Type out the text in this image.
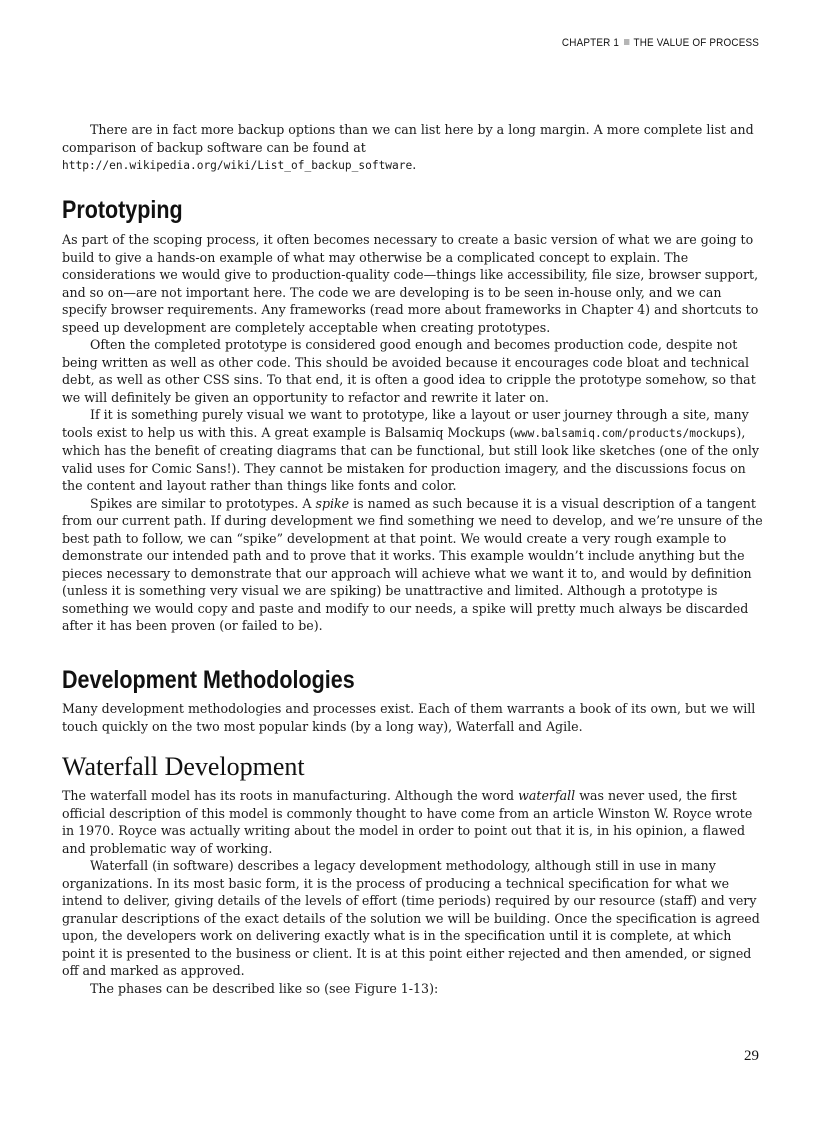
CHAPTER 1 THE VALUE OF PROCESS

There are in fact more backup options than we can list here by a long margin. A more complete list and comparison of backup software can be found at
http://en.wikipedia.org/wiki/List_of_backup_software.

Prototyping

As part of the scoping process, it often becomes necessary to create a basic version of what we are going to build to give a hands-on example of what may otherwise be a complicated concept to explain. The considerations we would give to production-quality code—things like accessibility, file size, browser support, and so on—are not important here. The code we are developing is to be seen in-house only, and we can specify browser requirements. Any frameworks (read more about frameworks in Chapter 4) and shortcuts to speed up development are completely acceptable when creating prototypes.

Often the completed prototype is considered good enough and becomes production code, despite not being written as well as other code. This should be avoided because it encourages code bloat and technical debt, as well as other CSS sins. To that end, it is often a good idea to cripple the prototype somehow, so that we will definitely be given an opportunity to refactor and rewrite it later on.

If it is something purely visual we want to prototype, like a layout or user journey through a site, many tools exist to help us with this. A great example is Balsamiq Mockups (www.balsamiq.com/products/mockups), which has the benefit of creating diagrams that can be functional, but still look like sketches (one of the only valid uses for Comic Sans!). They cannot be mistaken for production imagery, and the discussions focus on the content and layout rather than things like fonts and color.

Spikes are similar to prototypes. A spike is named as such because it is a visual description of a tangent from our current path. If during development we find something we need to develop, and we’re unsure of the best path to follow, we can “spike” development at that point. We would create a very rough example to demonstrate our intended path and to prove that it works. This example wouldn’t include anything but the pieces necessary to demonstrate that our approach will achieve what we want it to, and would by definition (unless it is something very visual we are spiking) be unattractive and limited. Although a prototype is something we would copy and paste and modify to our needs, a spike will pretty much always be discarded after it has been proven (or failed to be).

Development Methodologies

Many development methodologies and processes exist. Each of them warrants a book of its own, but we will touch quickly on the two most popular kinds (by a long way), Waterfall and Agile.

Waterfall Development

The waterfall model has its roots in manufacturing. Although the word waterfall was never used, the first official description of this model is commonly thought to have come from an article Winston W. Royce wrote in 1970. Royce was actually writing about the model in order to point out that it is, in his opinion, a flawed and problematic way of working.

Waterfall (in software) describes a legacy development methodology, although still in use in many organizations. In its most basic form, it is the process of producing a technical specification for what we intend to deliver, giving details of the levels of effort (time periods) required by our resource (staff) and very granular descriptions of the exact details of the solution we will be building. Once the specification is agreed upon, the developers work on delivering exactly what is in the specification until it is complete, at which point it is presented to the business or client. It is at this point either rejected and then amended, or signed off and marked as approved.

The phases can be described like so (see Figure 1-13):

29
